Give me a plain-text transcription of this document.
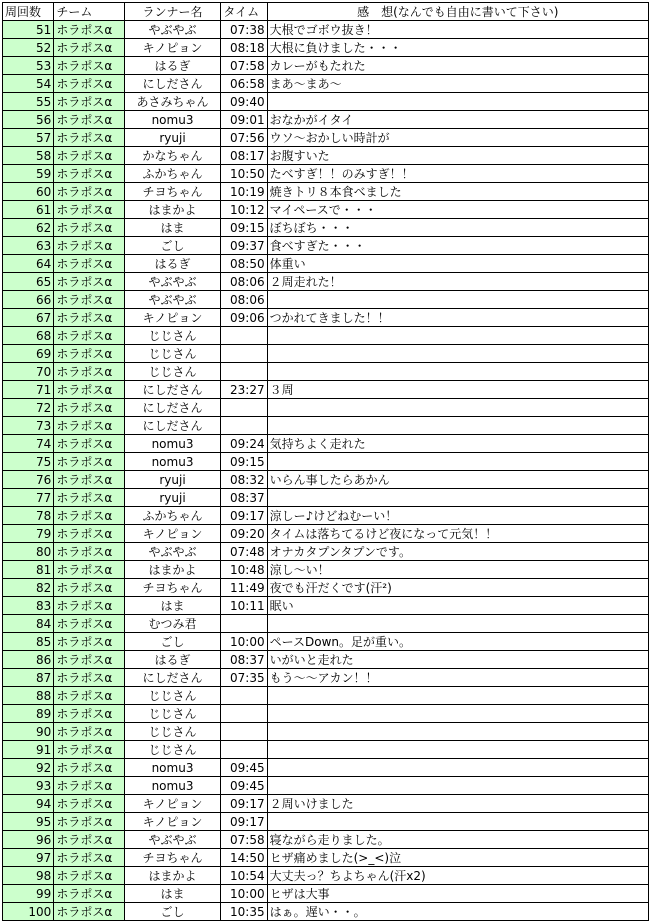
周回数	チーム	ランナー名	タイム	感　想(なんでも自由に書いて下さい)
51	ホラポスα	やぶやぶ	07:38	大根でゴボウ抜き！
52	ホラポスα	キノピョン	08:18	大根に負けました・・・
53	ホラポスα	はるぎ	07:58	カレーがもたれた
54	ホラポスα	にしださん	06:58	まあ～まあ～
55	ホラポスα	あさみちゃん	09:40	
56	ホラポスα	nomu3	09:01	おなかがイタイ
57	ホラポスα	ryuji	07:56	ウソ～おかしい時計が
58	ホラポスα	かなちゃん	08:17	お腹すいた
59	ホラポスα	ふかちゃん	10:50	たべすぎ！！のみすぎ！！
60	ホラポスα	チヨちゃん	10:19	焼きトリ８本食べました
61	ホラポスα	はまかよ	10:12	マイペースで・・・
62	ホラポスα	はま	09:15	ぼちぼち・・・
63	ホラポスα	ごし	09:37	食べすぎた・・・
64	ホラポスα	はるぎ	08:50	体重い
65	ホラポスα	やぶやぶ	08:06	２周走れた！
66	ホラポスα	やぶやぶ	08:06	
67	ホラポスα	キノピョン	09:06	つかれてきました！！
68	ホラポスα	じじさん		
69	ホラポスα	じじさん		
70	ホラポスα	じじさん		
71	ホラポスα	にしださん	23:27	３周
72	ホラポスα	にしださん		
73	ホラポスα	にしださん		
74	ホラポスα	nomu3	09:24	気持ちよく走れた
75	ホラポスα	nomu3	09:15	
76	ホラポスα	ryuji	08:32	いらん事したらあかん
77	ホラポスα	ryuji	08:37	
78	ホラポスα	ふかちゃん	09:17	涼しー♪けどねむーい！
79	ホラポスα	キノピョン	09:20	タイムは落ちてるけど夜になって元気！！
80	ホラポスα	やぶやぶ	07:48	オナカタプンタプンです。
81	ホラポスα	はまかよ	10:48	涼し～い！
82	ホラポスα	チヨちゃん	11:49	夜でも汗だくです(汗²)
83	ホラポスα	はま	10:11	眠い
84	ホラポスα	むつみ君		
85	ホラポスα	ごし	10:00	ペースDown。足が重い。
86	ホラポスα	はるぎ	08:37	いがいと走れた
87	ホラポスα	にしださん	07:35	もう～～アカン！！
88	ホラポスα	じじさん		
89	ホラポスα	じじさん		
90	ホラポスα	じじさん		
91	ホラポスα	じじさん		
92	ホラポスα	nomu3	09:45	
93	ホラポスα	nomu3	09:45	
94	ホラポスα	キノピョン	09:17	２周いけました
95	ホラポスα	キノピョン	09:17	
96	ホラポスα	やぶやぶ	07:58	寝ながら走りました。
97	ホラポスα	チヨちゃん	14:50	ヒザ痛めました(>_<)泣
98	ホラポスα	はまかよ	10:54	大丈夫っ？ちよちゃん(汗x2)
99	ホラポスα	はま	10:00	ヒザは大事
100	ホラポスα	ごし	10:35	はぁ。遅い・・。
